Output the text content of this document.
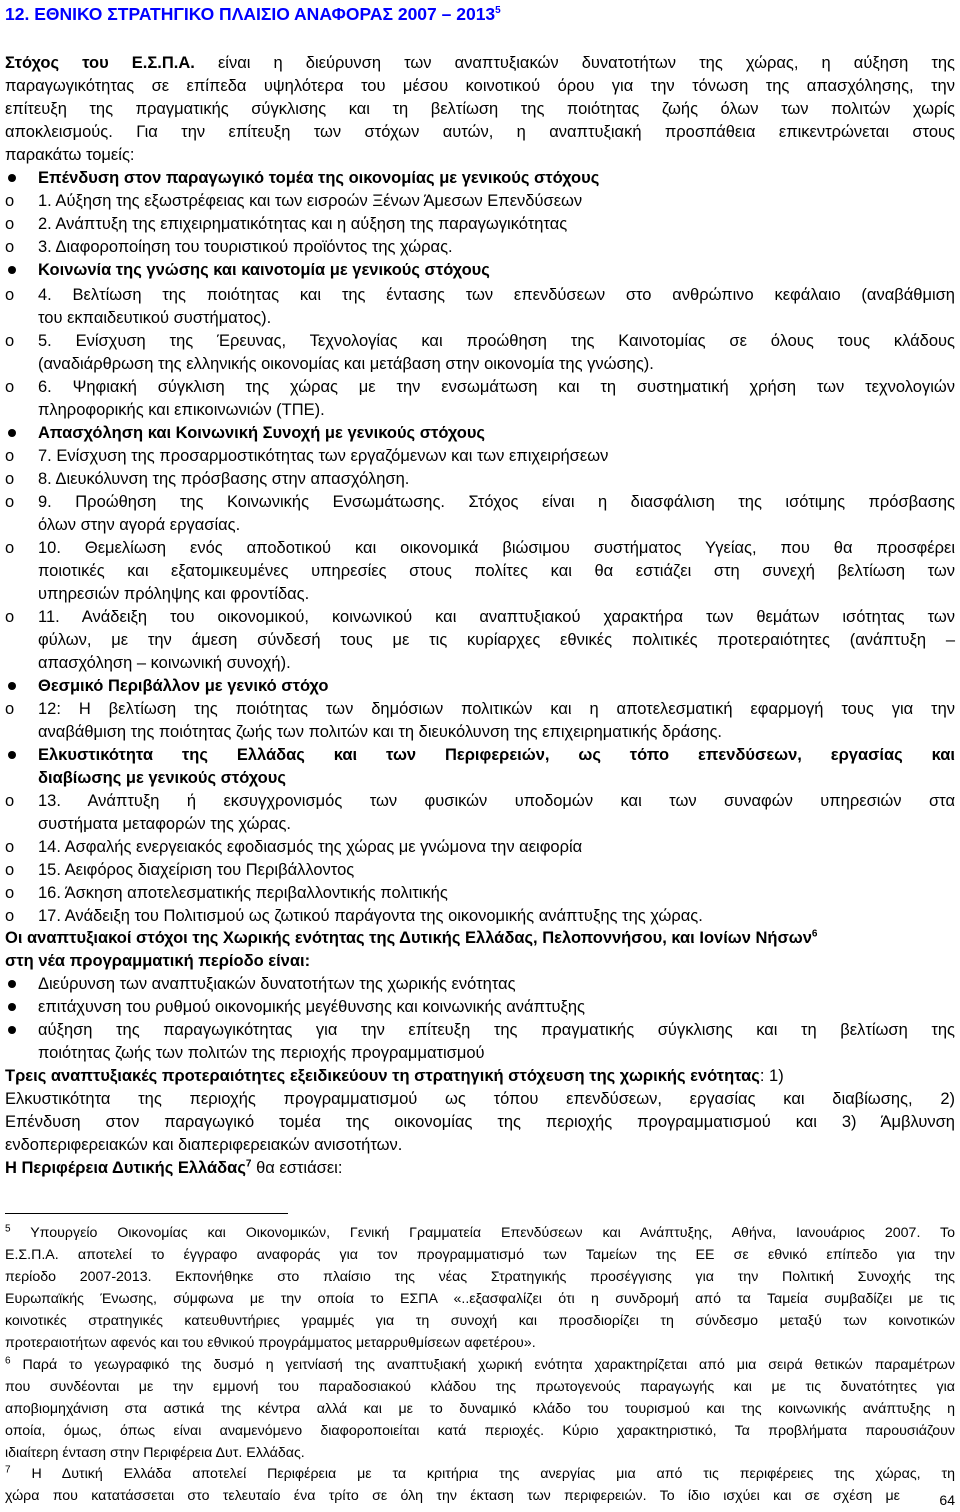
12. ΕΘΝΙΚΟ ΣΤΡΑΤΗΓΙΚΟ ΠΛΑΙΣΙΟ ΑΝΑΦΟΡΑΣ 2007 – 2013$^5$
Στόχος του Ε.Σ.Π.Α. είναι η διεύρυνση των αναπτυξιακών δυνατοτήτων της χώρας, η αύξηση της
παραγωγικότητας σε επίπεδα υψηλότερα του μέσου κοινοτικού όρου για την τόνωση της απασχόλησης, την
επίτευξη της πραγματικής σύγκλισης και τη βελτίωση της ποιότητας ζωής όλων των πολιτών χωρίς
αποκλεισμούς. Για την επίτευξη των στόχων αυτών, η αναπτυξιακή προσπάθεια επικεντρώνεται στους
παρακάτω τομείς:
Επένδυση στον παραγωγικό τομέα της οικονομίας με γενικούς στόχους
o 1. Αύξηση της εξωστρέφειας και των εισροών Ξένων Άμεσων Επενδύσεων
o 2. Ανάπτυξη της επιχειρηματικότητας και η αύξηση της παραγωγικότητας
o 3. Διαφοροποίηση του τουριστικού προϊόντος της χώρας.
Κοινωνία της γνώσης και καινοτομία με γενικούς στόχους
o 4. Βελτίωση της ποιότητας και της έντασης των επενδύσεων στο ανθρώπινο κεφάλαιο (αναβάθμιση
του εκπαιδευτικού συστήματος).
o 5. Ενίσχυση της Έρευνας, Τεχνολογίας και προώθηση της Καινοτομίας σε όλους τους κλάδους
(αναδιάρθρωση της ελληνικής οικονομίας και μετάβαση στην οικονομία της γνώσης).
o 6. Ψηφιακή σύγκλιση της χώρας με την ενσωμάτωση και τη συστηματική χρήση των τεχνολογιών
πληροφορικής και επικοινωνιών (ΤΠΕ).
Απασχόληση και Κοινωνική Συνοχή με γενικούς στόχους
o 7. Ενίσχυση της προσαρμοστικότητας των εργαζόμενων και των επιχειρήσεων
o 8. Διευκόλυνση της πρόσβασης στην απασχόληση.
o 9. Προώθηση της Κοινωνικής Ενσωμάτωσης. Στόχος είναι η διασφάλιση της ισότιμης πρόσβασης
όλων στην αγορά εργασίας.
o 10. Θεμελίωση ενός αποδοτικού και οικονομικά βιώσιμου συστήματος Υγείας, που θα προσφέρει
ποιοτικές και εξατομικευμένες υπηρεσίες στους πολίτες και θα εστιάζει στη συνεχή βελτίωση των
υπηρεσιών πρόληψης και φροντίδας.
o 11. Ανάδειξη του οικονομικού, κοινωνικού και αναπτυξιακού χαρακτήρα των θεμάτων ισότητας των
φύλων, με την άμεση σύνδεσή τους με τις κυρίαρχες εθνικές πολιτικές προτεραιότητες (ανάπτυξη –
απασχόληση – κοινωνική συνοχή).
Θεσμικό Περιβάλλον με γενικό στόχο
o 12: Η βελτίωση της ποιότητας των δημόσιων πολιτικών και η αποτελεσματική εφαρμογή τους για την
αναβάθμιση της ποιότητας ζωής των πολιτών και τη διευκόλυνση της επιχειρηματικής δράσης.
Ελκυστικότητα της Ελλάδας και των Περιφερειών, ως τόπο επενδύσεων, εργασίας και
διαβίωσης με γενικούς στόχους
o 13. Ανάπτυξη ή εκσυγχρονισμός των φυσικών υποδομών και των συναφών υπηρεσιών στα
συστήματα μεταφορών της χώρας.
o 14. Ασφαλής ενεργειακός εφοδιασμός της χώρας με γνώμονα την αειφορία
o 15. Αειφόρος διαχείριση του Περιβάλλοντος
o 16. Άσκηση αποτελεσματικής περιβαλλοντικής πολιτικής
o 17. Ανάδειξη του Πολιτισμού ως ζωτικού παράγοντα της οικονομικής ανάπτυξης της χώρας.
Οι αναπτυξιακοί στόχοι της Χωρικής ενότητας της Δυτικής Ελλάδας, Πελοποννήσου, και Ιονίων Νήσων$^6$
στη νέα προγραμματική περίοδο είναι:
Διεύρυνση των αναπτυξιακών δυνατοτήτων της χωρικής ενότητας
επιτάχυνση του ρυθμού οικονομικής μεγέθυνσης και κοινωνικής ανάπτυξης
αύξηση της παραγωγικότητας για την επίτευξη της πραγματικής σύγκλισης και τη βελτίωση της
ποιότητας ζωής των πολιτών της περιοχής προγραμματισμού
Τρεις αναπτυξιακές προτεραιότητες εξειδικεύουν τη στρατηγική στόχευση της χωρικής ενότητας: 1)
Ελκυστικότητα της περιοχής προγραμματισμού ως τόπου επενδύσεων, εργασίας και διαβίωσης, 2)
Επένδυση στον παραγωγικό τομέα της οικονομίας της περιοχής προγραμματισμού και 3) Άμβλυνση
ενδοπεριφερειακών και διαπεριφερειακών ανισοτήτων.
Η Περιφέρεια Δυτικής Ελλάδας$^7$ θα εστιάσει:
$^5$ Υπουργείο Οικονομίας και Οικονομικών, Γενική Γραμματεία Επενδύσεων και Ανάπτυξης, Αθήνα, Ιανουάριος 2007. Το
Ε.Σ.Π.Α. αποτελεί το έγγραφο αναφοράς για τον προγραμματισμό των Ταμείων της ΕΕ σε εθνικό επίπεδο για την
περίοδο 2007-2013. Εκπονήθηκε στο πλαίσιο της νέας Στρατηγικής προσέγγισης για την Πολιτική Συνοχής της
Ευρωπαϊκής Ένωσης, σύμφωνα με την οποία το ΕΣΠΑ «..εξασφαλίζει ότι η συνδρομή από τα Ταμεία συμβαδίζει με τις
κοινοτικές στρατηγικές κατευθυντήριες γραμμές για τη συνοχή και προσδιορίζει τη σύνδεσμο μεταξύ των κοινοτικών
προτεραιοτήτων αφενός και του εθνικού προγράμματος μεταρρυθμίσεων αφετέρου».
$^6$ Παρά το γεωγραφικό της δυσμό η γειτνίασή της αναπτυξιακή χωρική ενότητα χαρακτηρίζεται από μια σειρά θετικών παραμέτρων
που συνδέονται με την εμμονή του παραδοσιακού κλάδου της πρωτογενούς παραγωγής και με τις δυνατότητες για
αποβιομηχάνιση στα αστικά της κέντρα αλλά και με το δυναμικό κλάδο του τουρισμού και της κοινωνικής ανάπτυξης η
οποία, όμως, όπως είναι αναμενόμενο διαφοροποιείται κατά περιοχές. Κύριο χαρακτηριστικό, Τα προβλήματα παρουσιάζουν
ιδιαίτερη ένταση στην Περιφέρεια Δυτ. Ελλάδας.
$^7$ Η Δυτική Ελλάδα αποτελεί Περιφέρεια με τα κριτήρια της ανεργίας μια από τις περιφέρειες της χώρας, τη
χώρα που κατατάσσεται στο τελευταίο ένα τρίτο σε όλη την έκταση των περιφερειών. Το ίδιο ισχύει και σε σχέση με	64
